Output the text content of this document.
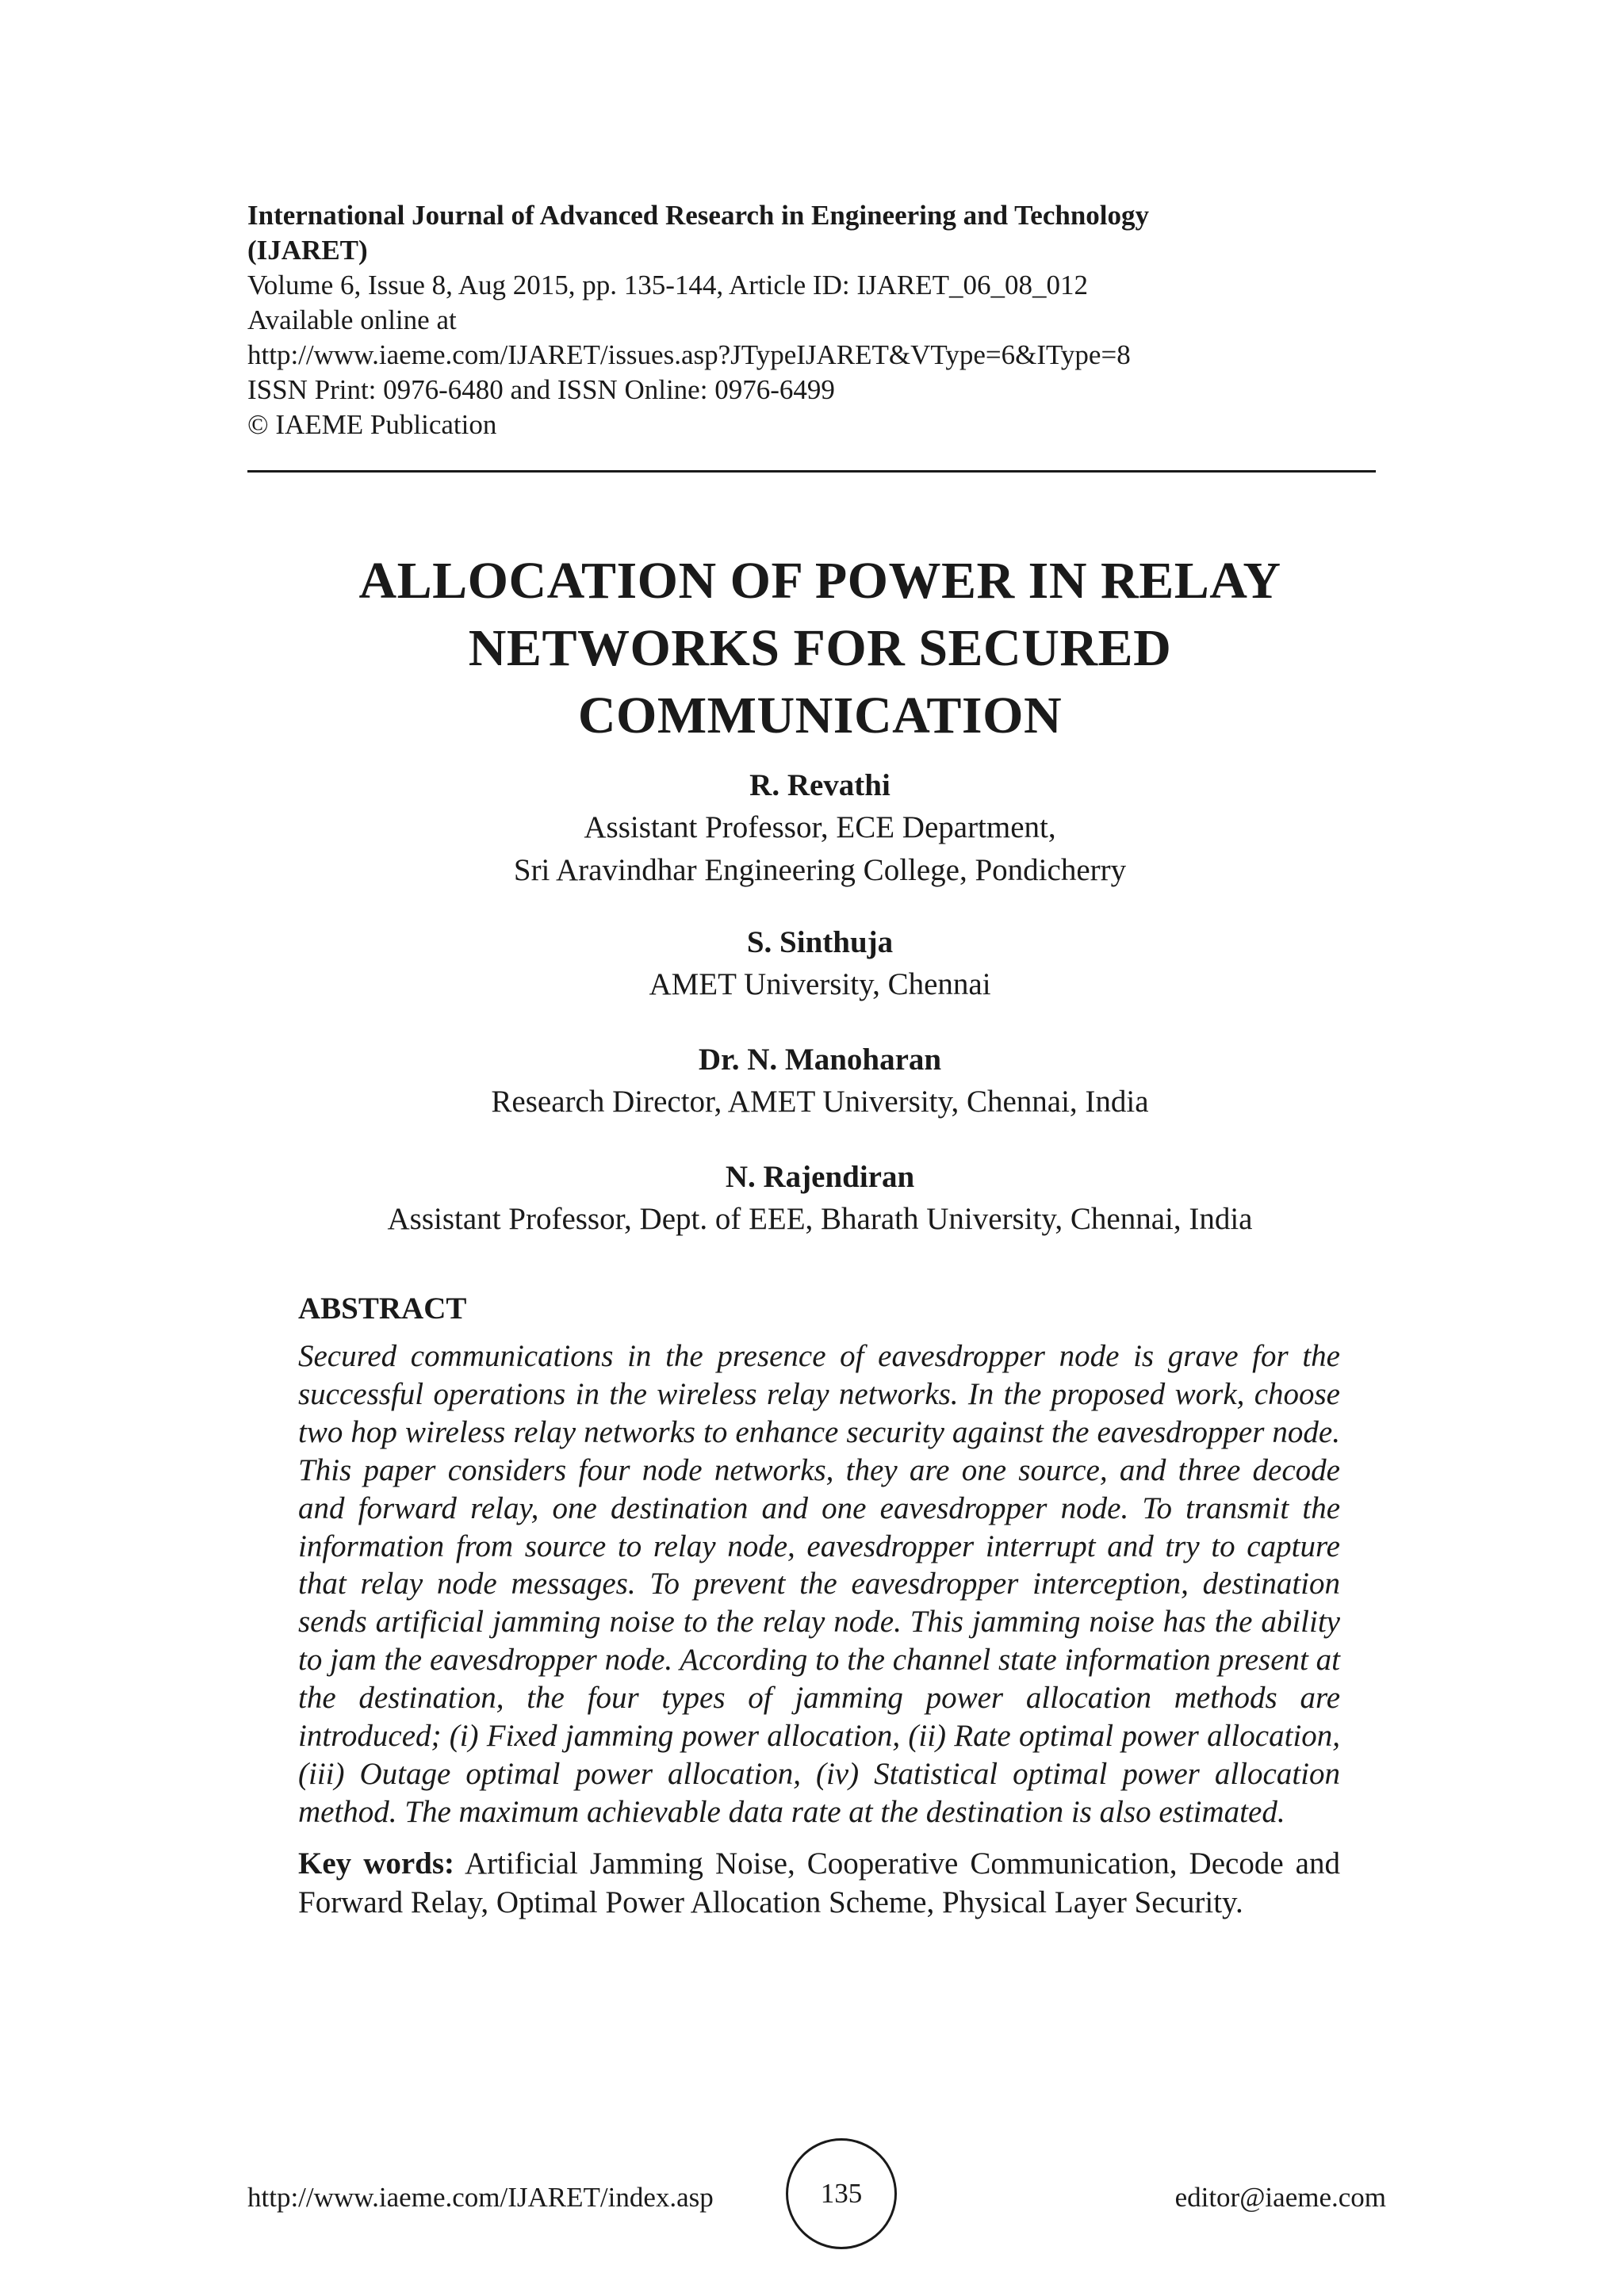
International Journal of Advanced Research in Engineering and Technology
(IJARET)
Volume 6, Issue 8, Aug 2015, pp. 135-144, Article ID: IJARET_06_08_012
Available online at
http://www.iaeme.com/IJARET/issues.asp?JTypeIJARET&VType=6&IType=8
ISSN Print: 0976-6480 and ISSN Online: 0976-6499
© IAEME Publication
ALLOCATION OF POWER IN RELAY
NETWORKS FOR SECURED
COMMUNICATION
R. Revathi
Assistant Professor, ECE Department,
Sri Aravindhar Engineering College, Pondicherry
S. Sinthuja
AMET University, Chennai
Dr. N. Manoharan
Research Director, AMET University, Chennai, India
N. Rajendiran
Assistant Professor, Dept. of EEE, Bharath University, Chennai, India
ABSTRACT
Secured communications in the presence of eavesdropper node is grave for the successful operations in the wireless relay networks. In the proposed work, choose two hop wireless relay networks to enhance security against the eavesdropper node. This paper considers four node networks, they are one source, and three decode and forward relay, one destination and one eavesdropper node. To transmit the information from source to relay node, eavesdropper interrupt and try to capture that relay node messages. To prevent the eavesdropper interception, destination sends artificial jamming noise to the relay node. This jamming noise has the ability to jam the eavesdropper node. According to the channel state information present at the destination, the four types of jamming power allocation methods are introduced; (i) Fixed jamming power allocation, (ii) Rate optimal power allocation, (iii) Outage optimal power allocation, (iv) Statistical optimal power allocation method. The maximum achievable data rate at the destination is also estimated.
Key words: Artificial Jamming Noise, Cooperative Communication, Decode and Forward Relay, Optimal Power Allocation Scheme, Physical Layer Security.
http://www.iaeme.com/IJARET/index.asp	135	editor@iaeme.com
